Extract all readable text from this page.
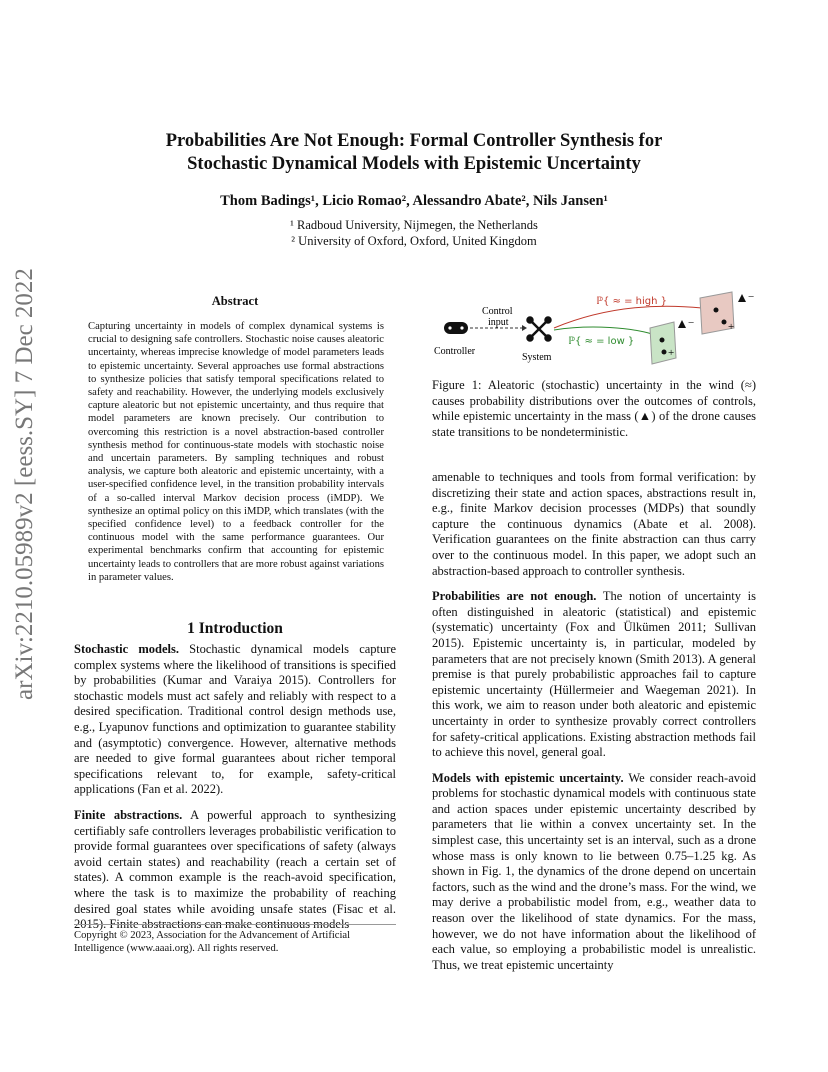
arXiv:2210.05989v2 [eess.SY] 7 Dec 2022
Probabilities Are Not Enough: Formal Controller Synthesis for
Stochastic Dynamical Models with Epistemic Uncertainty
Thom Badings¹, Licio Romao², Alessandro Abate², Nils Jansen¹
¹ Radboud University, Nijmegen, the Netherlands
² University of Oxford, Oxford, United Kingdom
Abstract
Capturing uncertainty in models of complex dynamical systems is crucial to designing safe controllers. Stochastic noise causes aleatoric uncertainty, whereas imprecise knowledge of model parameters leads to epistemic uncertainty. Several approaches use formal abstractions to synthesize policies that satisfy temporal specifications related to safety and reachability. However, the underlying models exclusively capture aleatoric but not epistemic uncertainty, and thus require that model parameters are known precisely. Our contribution to overcoming this restriction is a novel abstraction-based controller synthesis method for continuous-state models with stochastic noise and uncertain parameters. By sampling techniques and robust analysis, we capture both aleatoric and epistemic uncertainty, with a user-specified confidence level, in the transition probability intervals of a so-called interval Markov decision process (iMDP). We synthesize an optimal policy on this iMDP, which translates (with the specified confidence level) to a feedback controller for the continuous model with the same performance guarantees. Our experimental benchmarks confirm that accounting for epistemic uncertainty leads to controllers that are more robust against variations in parameter values.
1 Introduction

Stochastic models. Stochastic dynamical models capture complex systems where the likelihood of transitions is specified by probabilities (Kumar and Varaiya 2015). Controllers for stochastic models must act safely and reliably with respect to a desired specification. Traditional control design methods use, e.g., Lyapunov functions and optimization to guarantee stability and (asymptotic) convergence. However, alternative methods are needed to give formal guarantees about richer temporal specifications relevant to, for example, safety-critical applications (Fan et al. 2022).

Finite abstractions. A powerful approach to synthesizing certifiably safe controllers leverages probabilistic verification to provide formal guarantees over specifications of safety (always avoid certain states) and reachability (reach a certain set of states). A common example is the reach-avoid specification, where the task is to maximize the probability of reaching desired goal states while avoiding unsafe states (Fisac et al. 2015). Finite abstractions can make continuous models

Copyright © 2023, Association for the Advancement of Artificial Intelligence (www.aaai.org). All rights reserved.
Controller
Control
input
System
ℙ{ ≈ = high }
ℙ{ ≈ = low }
−
+
−
+
Figure 1: Aleatoric (stochastic) uncertainty in the wind (≈) causes probability distributions over the outcomes of controls, while epistemic uncertainty in the mass (▲) of the drone causes state transitions to be nondeterministic.

amenable to techniques and tools from formal verification: by discretizing their state and action spaces, abstractions result in, e.g., finite Markov decision processes (MDPs) that soundly capture the continuous dynamics (Abate et al. 2008). Verification guarantees on the finite abstraction can thus carry over to the continuous model. In this paper, we adopt such an abstraction-based approach to controller synthesis.

Probabilities are not enough. The notion of uncertainty is often distinguished in aleatoric (statistical) and epistemic (systematic) uncertainty (Fox and Ülkümen 2011; Sullivan 2015). Epistemic uncertainty is, in particular, modeled by parameters that are not precisely known (Smith 2013). A general premise is that purely probabilistic approaches fail to capture epistemic uncertainty (Hüllermeier and Waegeman 2021). In this work, we aim to reason under both aleatoric and epistemic uncertainty in order to synthesize provably correct controllers for safety-critical applications. Existing abstraction methods fail to achieve this novel, general goal.

Models with epistemic uncertainty. We consider reach-avoid problems for stochastic dynamical models with continuous state and action spaces under epistemic uncertainty described by parameters that lie within a convex uncertainty set. In the simplest case, this uncertainty set is an interval, such as a drone whose mass is only known to lie between 0.75–1.25 kg. As shown in Fig. 1, the dynamics of the drone depend on uncertain factors, such as the wind and the drone’s mass. For the wind, we may derive a probabilistic model from, e.g., weather data to reason over the likelihood of state dynamics. For the mass, however, we do not have information about the likelihood of each value, so employing a probabilistic model is unrealistic. Thus, we treat epistemic uncertainty
